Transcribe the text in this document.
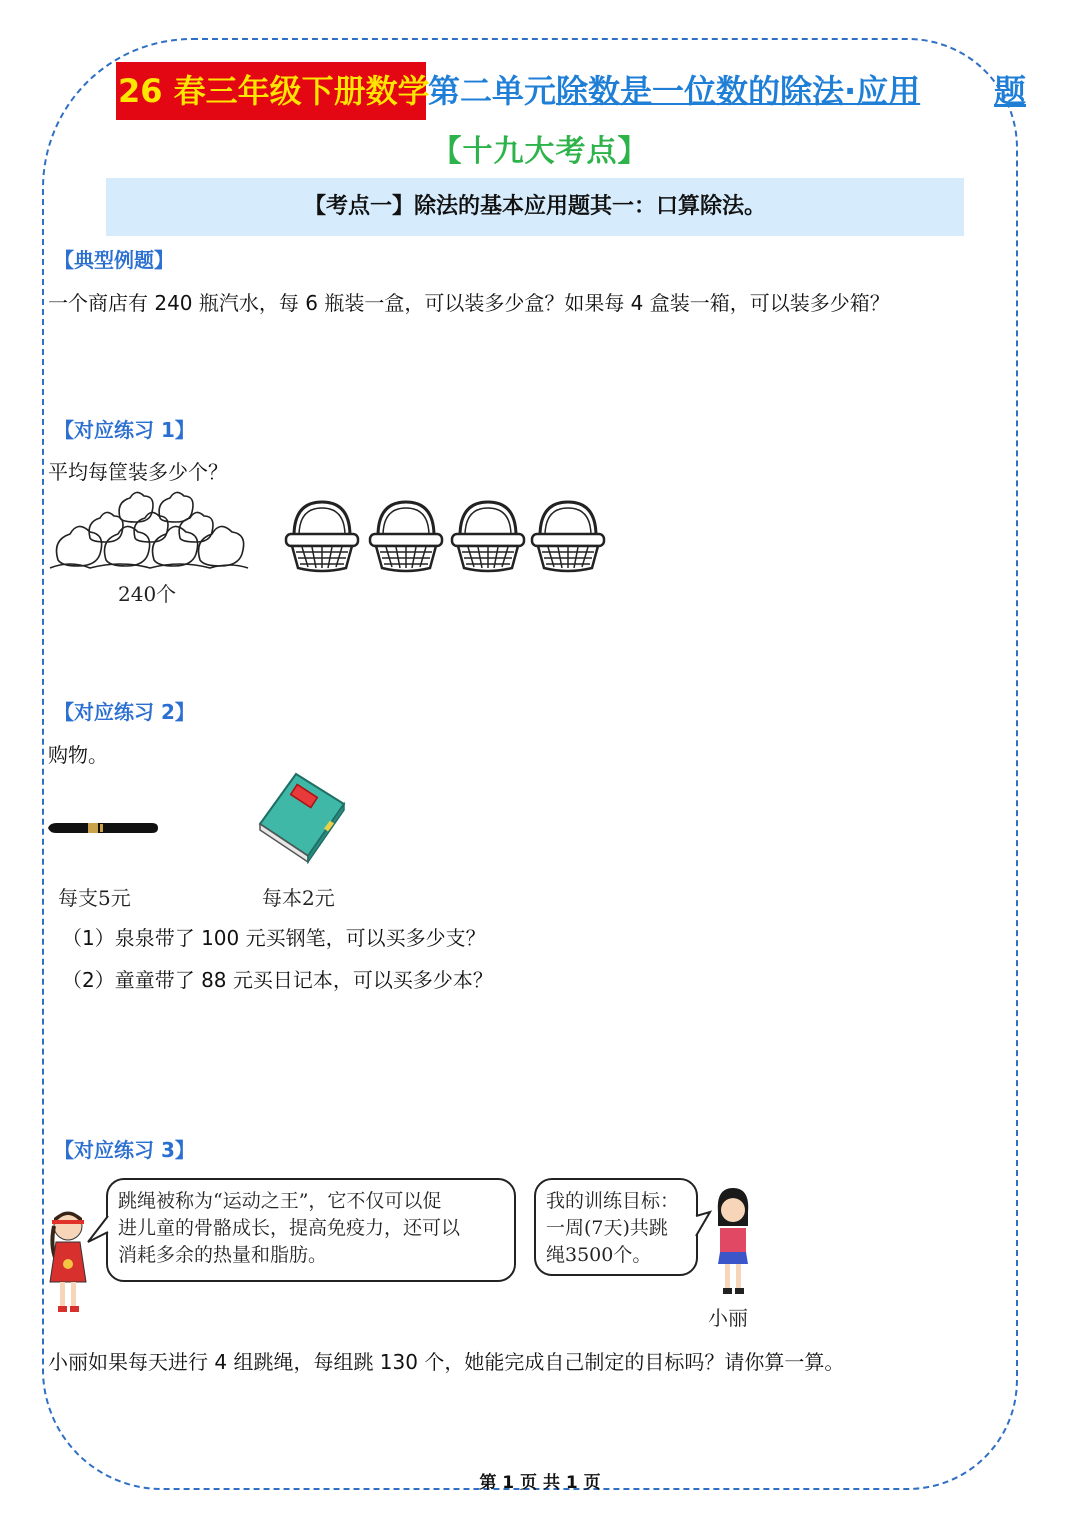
26 春三年级下册数学
第二单元除数是一位数的除法·应用 题
【十九大考点】
【考点一】除法的基本应用题其一：口算除法。
【典型例题】
一个商店有 240 瓶汽水，每 6 瓶装一盒，可以装多少盒？如果每 4 盒装一箱，可以装多少箱？
【对应练习 1】
平均每筐装多少个？
240个
【对应练习 2】
购物。
每支5元	每本2元
（1）泉泉带了 100 元买钢笔，可以买多少支？
（2）童童带了 88 元买日记本，可以买多少本？
【对应练习 3】
跳绳被称为“运动之王”，它不仅可以促
进儿童的骨骼成长，提高免疫力，还可以
消耗多余的热量和脂肪。
我的训练目标：
一周(7天)共跳
绳3500个。
小丽
小丽如果每天进行 4 组跳绳，每组跳 130 个，她能完成自己制定的目标吗？请你算一算。
第 1 页 共 1 页
